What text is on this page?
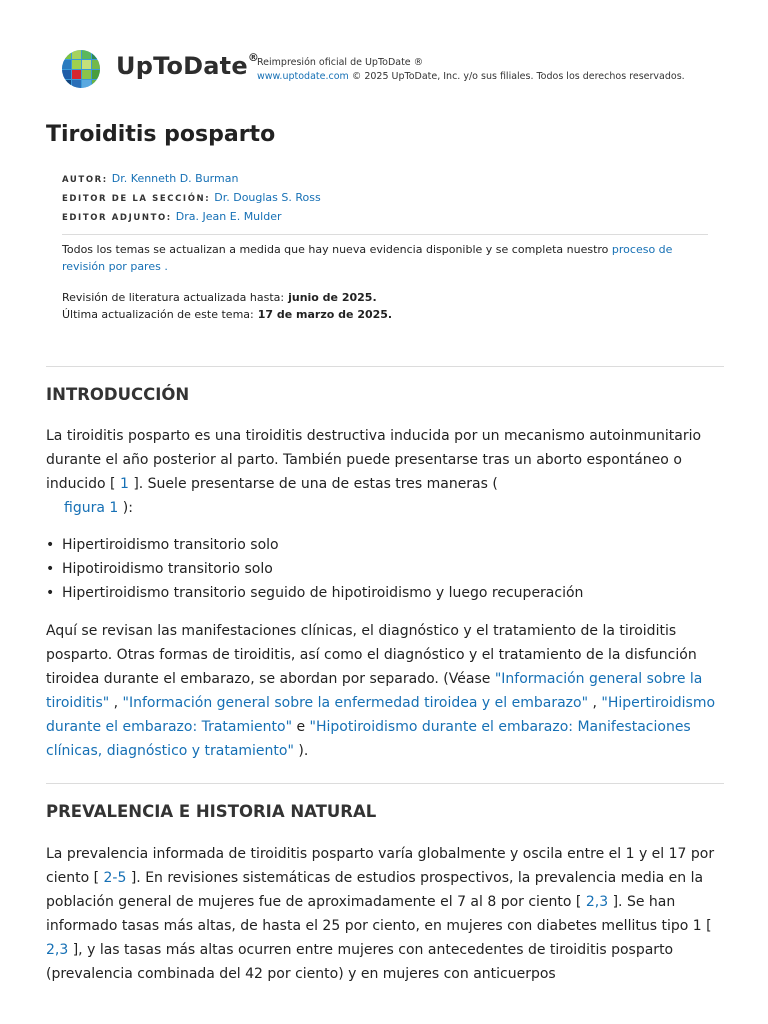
UpToDate®
Reimpresión oficial de UpToDate ®
www.uptodate.com © 2025 UpToDate, Inc. y/o sus filiales. Todos los derechos reservados.
Tiroiditis posparto
AUTOR: Dr. Kenneth D. Burman
EDITOR DE LA SECCIÓN: Dr. Douglas S. Ross
EDITOR ADJUNTO: Dra. Jean E. Mulder
Todos los temas se actualizan a medida que hay nueva evidencia disponible y se completa nuestro proceso de revisión por pares .
Revisión de literatura actualizada hasta: junio de 2025.
Última actualización de este tema: 17 de marzo de 2025.
INTRODUCCIÓN

La tiroiditis posparto es una tiroiditis destructiva inducida por un mecanismo autoinmunitario durante el año posterior al parto. También puede presentarse tras un aborto espontáneo o inducido [ 1 ]. Suele presentarse de una de estas tres maneras (
figura 1 ):

• Hipertiroidismo transitorio solo
• Hipotiroidismo transitorio solo
• Hipertiroidismo transitorio seguido de hipotiroidismo y luego recuperación

Aquí se revisan las manifestaciones clínicas, el diagnóstico y el tratamiento de la tiroiditis posparto. Otras formas de tiroiditis, así como el diagnóstico y el tratamiento de la disfunción tiroidea durante el embarazo, se abordan por separado. (Véase "Información general sobre la tiroiditis" , "Información general sobre la enfermedad tiroidea y el embarazo" , "Hipertiroidismo durante el embarazo: Tratamiento" e "Hipotiroidismo durante el embarazo: Manifestaciones clínicas, diagnóstico y tratamiento" ).

PREVALENCIA E HISTORIA NATURAL

La prevalencia informada de tiroiditis posparto varía globalmente y oscila entre el 1 y el 17 por ciento [ 2-5 ]. En revisiones sistemáticas de estudios prospectivos, la prevalencia media en la población general de mujeres fue de aproximadamente el 7 al 8 por ciento [ 2,3 ]. Se han informado tasas más altas, de hasta el 25 por ciento, en mujeres con diabetes mellitus tipo 1 [ 2,3 ], y las tasas más altas ocurren entre mujeres con antecedentes de tiroiditis posparto (prevalencia combinada del 42 por ciento) y en mujeres con anticuerpos
